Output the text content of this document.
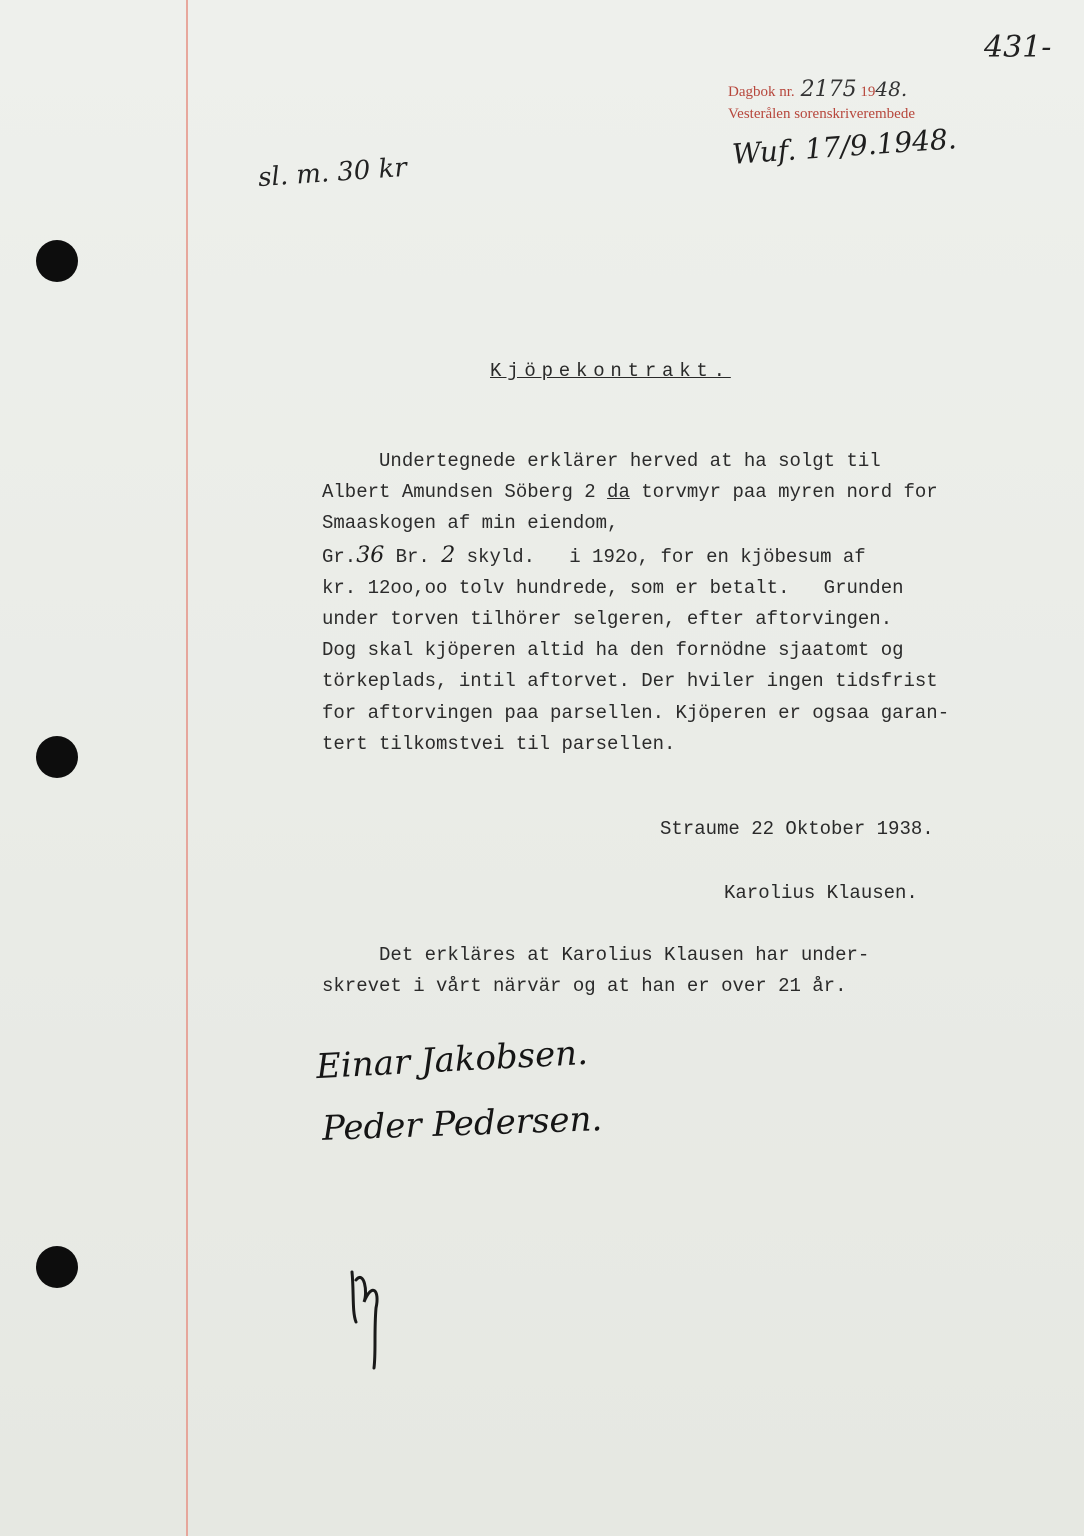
431-
Dagbok nr. 2175 1948.
Vesterålen sorenskriverembede
Wuf. 17/9.1948.
sl. m. 30 kr
Kjöpekontrakt.
Undertegnede erklärer herved at ha solgt til
Albert Amundsen Söberg 2 da torvmyr paa myren nord for
Smaaskogen af min eiendom,
Gr.36 Br. 2 skyld.   i 192o, for en kjöbesum af
kr. 12oo,oo tolv hundrede, som er betalt.   Grunden
under torven tilhörer selgeren, efter aftorvingen.
Dog skal kjöperen altid ha den fornödne sjaatomt og
törkeplads, intil aftorvet. Der hviler ingen tidsfrist
for aftorvingen paa parsellen. Kjöperen er ogsaa garan-
tert tilkomstvei til parsellen.
Straume 22 Oktober 1938.
Karolius Klausen.
Det erkläres at Karolius Klausen har under-
skrevet i vårt närvär og at han er over 21 år.
Einar Jakobsen.
Peder Pedersen.
